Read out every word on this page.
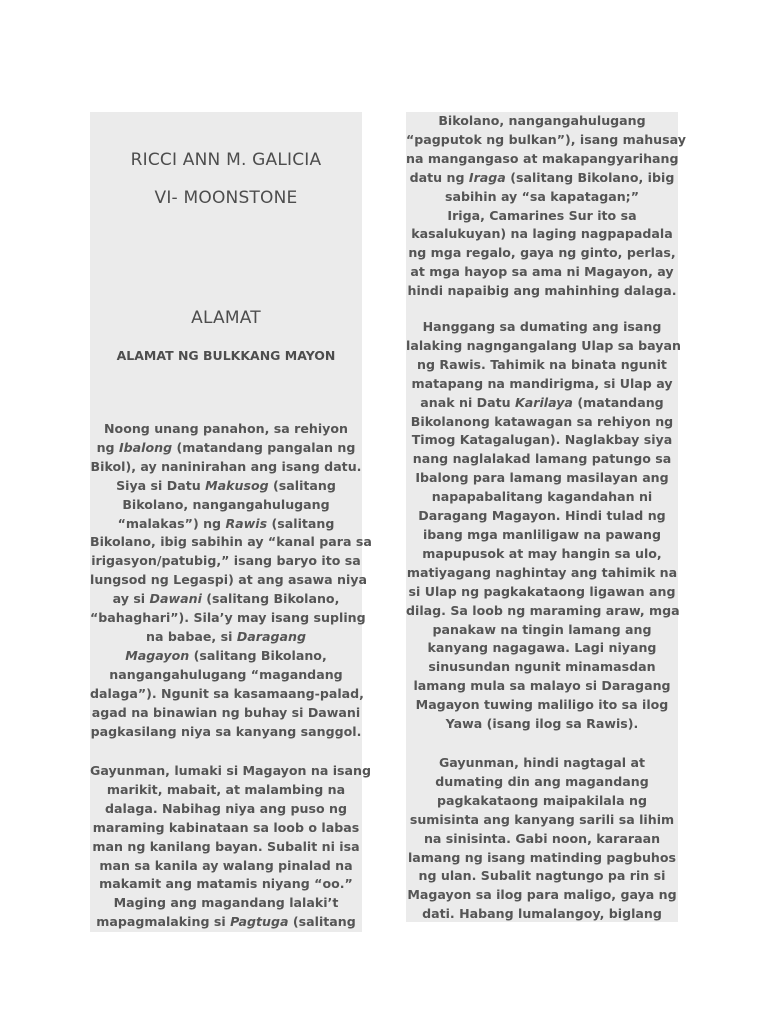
RICCI ANN M. GALICIA
VI- MOONSTONE
ALAMAT
ALAMAT NG BULKKANG MAYON
Noong unang panahon, sa rehiyon
ng Ibalong (matandang pangalan ng
Bikol), ay naninirahan ang isang datu.
Siya si Datu Makusog (salitang
Bikolano, nangangahulugang
“malakas”) ng Rawis (salitang
Bikolano, ibig sabihin ay “kanal para sa
irigasyon/patubig,” isang baryo ito sa
lungsod ng Legaspi) at ang asawa niya
ay si Dawani (salitang Bikolano,
“bahaghari”). Sila’y may isang supling
na babae, si Daragang
Magayon (salitang Bikolano,
nangangahulugang “magandang
dalaga”). Ngunit sa kasamaang-palad,
agad na binawian ng buhay si Dawani
pagkasilang niya sa kanyang sanggol.
Gayunman, lumaki si Magayon na isang
marikit, mabait, at malambing na
dalaga. Nabihag niya ang puso ng
maraming kabinataan sa loob o labas
man ng kanilang bayan. Subalit ni isa
man sa kanila ay walang pinalad na
makamit ang matamis niyang “oo.”
Maging ang magandang lalaki’t
mapagmalaking si Pagtuga (salitang
Bikolano, nangangahulugang
“pagputok ng bulkan”), isang mahusay
na mangangaso at makapangyarihang
datu ng Iraga (salitang Bikolano, ibig
sabihin ay “sa kapatagan;”
Iriga, Camarines Sur ito sa
kasalukuyan) na laging nagpapadala
ng mga regalo, gaya ng ginto, perlas,
at mga hayop sa ama ni Magayon, ay
hindi napaibig ang mahinhing dalaga.
Hanggang sa dumating ang isang
lalaking nagngangalang Ulap sa bayan
ng Rawis. Tahimik na binata ngunit
matapang na mandirigma, si Ulap ay
anak ni Datu Karilaya (matandang
Bikolanong katawagan sa rehiyon ng
Timog Katagalugan). Naglakbay siya
nang naglalakad lamang patungo sa
Ibalong para lamang masilayan ang
napapabalitang kagandahan ni
Daragang Magayon. Hindi tulad ng
ibang mga manliligaw na pawang
mapupusok at may hangin sa ulo,
matiyagang naghintay ang tahimik na
si Ulap ng pagkakataong ligawan ang
dilag. Sa loob ng maraming araw, mga
panakaw na tingin lamang ang
kanyang nagagawa. Lagi niyang
sinusundan ngunit minamasdan
lamang mula sa malayo si Daragang
Magayon tuwing maliligo ito sa ilog
Yawa (isang ilog sa Rawis).
Gayunman, hindi nagtagal at
dumating din ang magandang
pagkakataong maipakilala ng
sumisinta ang kanyang sarili sa lihim
na sinisinta. Gabi noon, kararaan
lamang ng isang matinding pagbuhos
ng ulan. Subalit nagtungo pa rin si
Magayon sa ilog para maligo, gaya ng
dati. Habang lumalangoy, biglang
